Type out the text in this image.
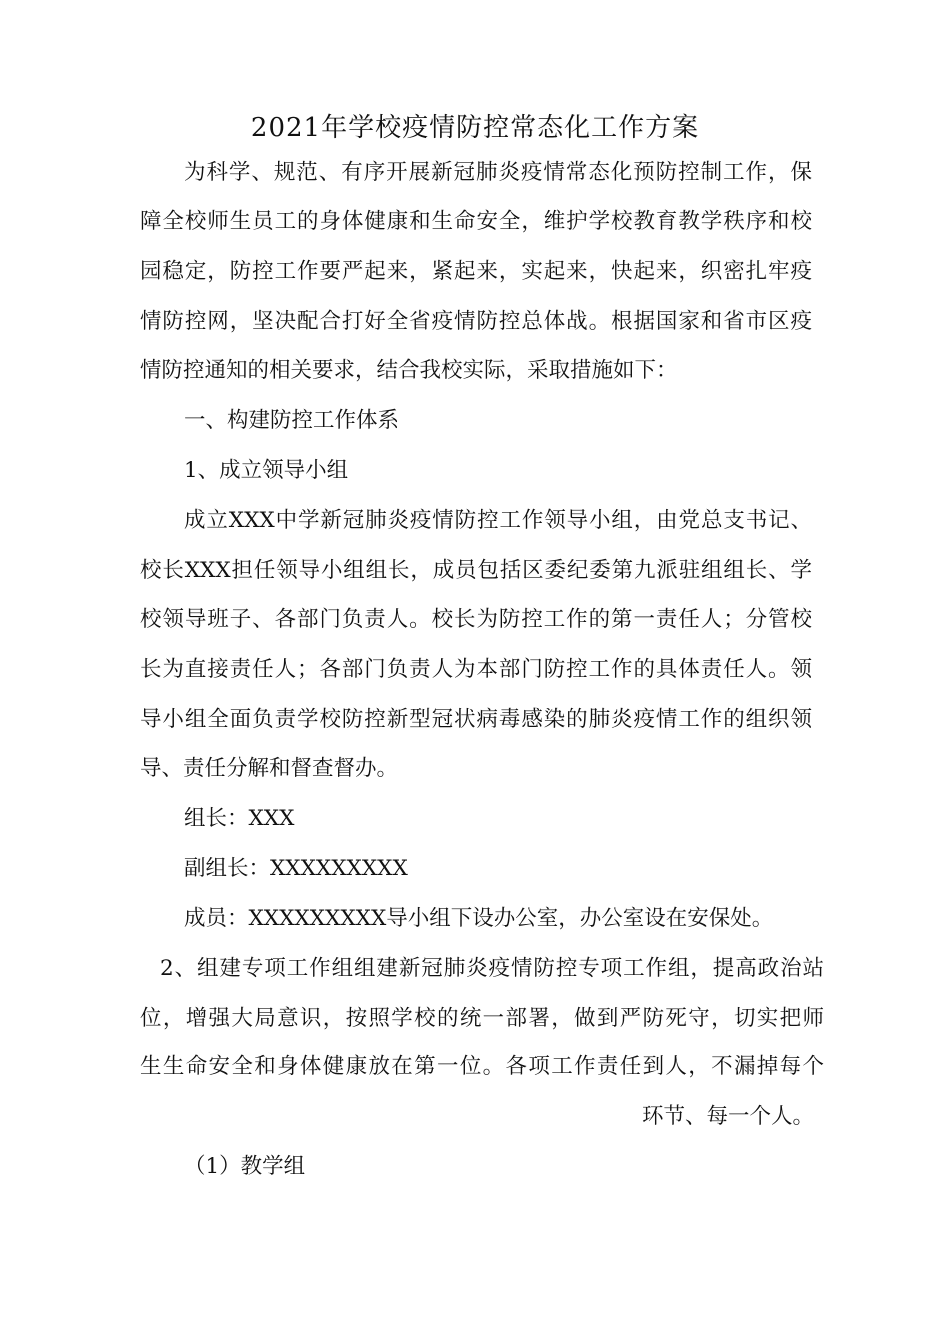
2021年学校疫情防控常态化工作方案
为科学、规范、有序开展新冠肺炎疫情常态化预防控制工作，保
障全校师生员工的身体健康和生命安全，维护学校教育教学秩序和校
园稳定，防控工作要严起来，紧起来，实起来，快起来，织密扎牢疫
情防控网，坚决配合打好全省疫情防控总体战。根据国家和省市区疫
情防控通知的相关要求，结合我校实际，采取措施如下：
一、构建防控工作体系
1、成立领导小组
成立XXX中学新冠肺炎疫情防控工作领导小组，由党总支书记、
校长XXX担任领导小组组长，成员包括区委纪委第九派驻组组长、学
校领导班子、各部门负责人。校长为防控工作的第一责任人；分管校
长为直接责任人；各部门负责人为本部门防控工作的具体责任人。领
导小组全面负责学校防控新型冠状病毒感染的肺炎疫情工作的组织领
导、责任分解和督查督办。
组长：XXX
副组长：XXXXXXXXX
成员：XXXXXXXXX导小组下设办公室，办公室设在安保处。
2、组建专项工作组组建新冠肺炎疫情防控专项工作组，提高政治站
位，增强大局意识，按照学校的统一部署，做到严防死守，切实把师
生生命安全和身体健康放在第一位。各项工作责任到人，不漏掉每个
环节、每一个人。
（1）教学组
